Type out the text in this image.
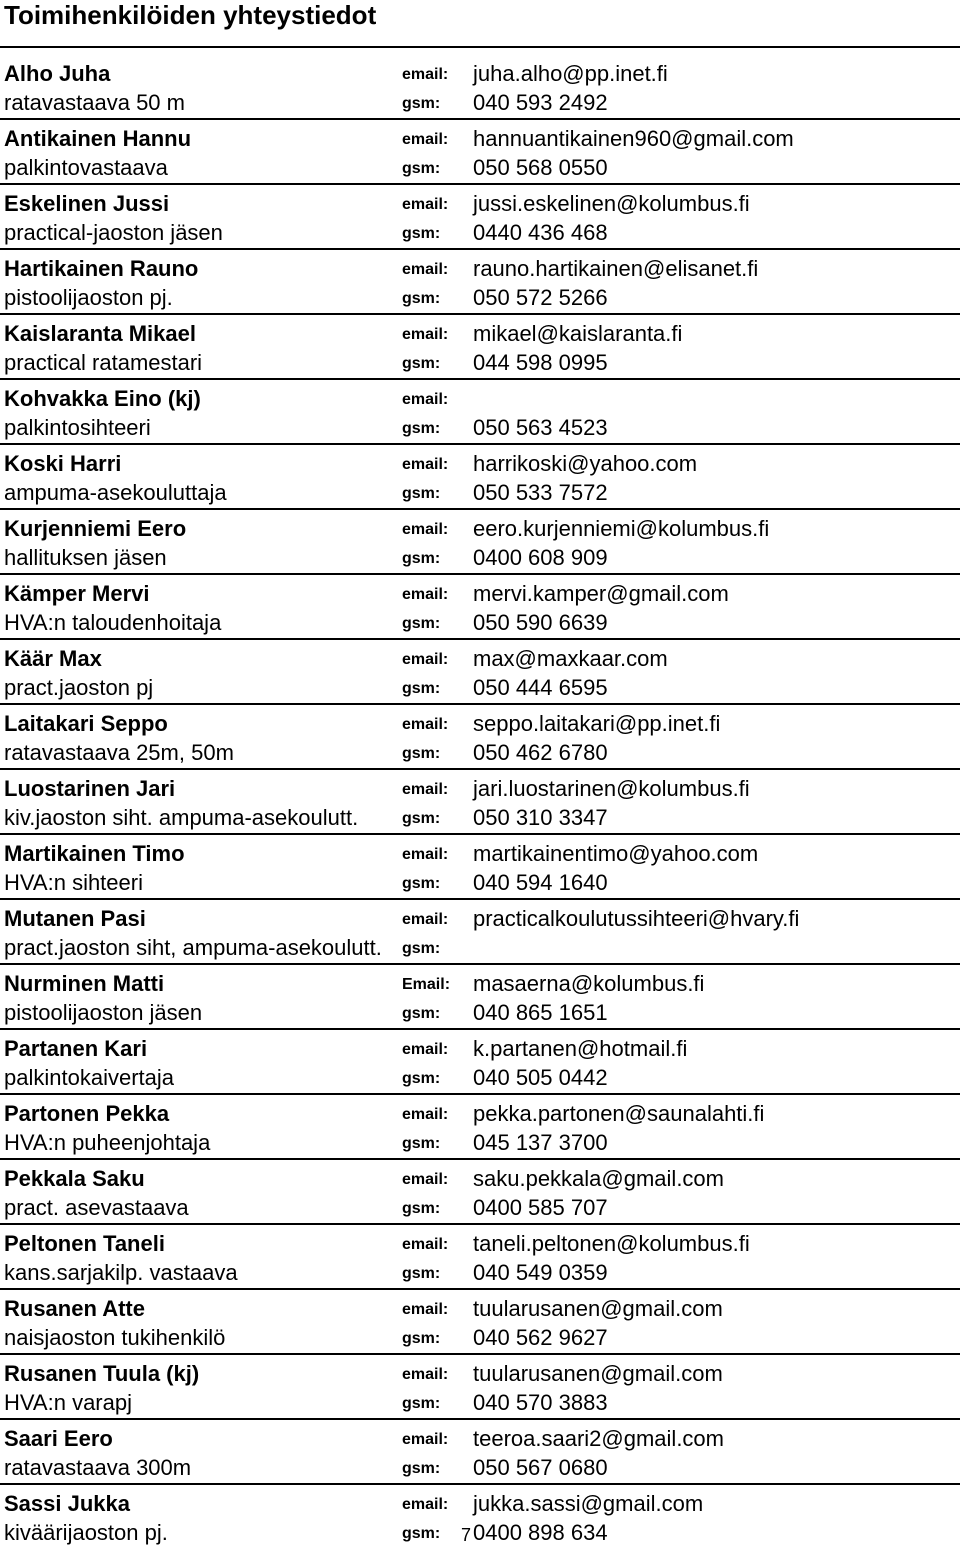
Toimihenkilöiden yhteystiedot
Alho Juha	email: juha.alho@pp.inet.fi
ratavastaava 50 m	gsm: 040 593 2492
Antikainen Hannu	email: hannuantikainen960@gmail.com
palkintovastaava	gsm: 050 568 0550
Eskelinen Jussi	email: jussi.eskelinen@kolumbus.fi
practical-jaoston jäsen	gsm: 0440 436 468
Hartikainen Rauno	email: rauno.hartikainen@elisanet.fi
pistoolijaoston pj.	gsm: 050 572 5266
Kaislaranta Mikael	email: mikael@kaislaranta.fi
practical ratamestari	gsm: 044 598 0995
Kohvakka Eino (kj)	email:
palkintosihteeri	gsm: 050 563 4523
Koski Harri	email: harrikoski@yahoo.com
ampuma-asekouluttaja	gsm: 050 533 7572
Kurjenniemi Eero	email: eero.kurjenniemi@kolumbus.fi
hallituksen jäsen	gsm: 0400 608 909
Kämper Mervi	email: mervi.kamper@gmail.com
HVA:n taloudenhoitaja	gsm: 050 590 6639
Käär Max	email: max@maxkaar.com
pract.jaoston pj	gsm: 050 444 6595
Laitakari Seppo	email: seppo.laitakari@pp.inet.fi
ratavastaava 25m, 50m	gsm: 050 462 6780
Luostarinen Jari	email: jari.luostarinen@kolumbus.fi
kiv.jaoston siht. ampuma-asekoulutt.	gsm: 050 310 3347
Martikainen Timo	email: martikainentimo@yahoo.com
HVA:n sihteeri	gsm: 040 594 1640
Mutanen Pasi	email: practicalkoulutussihteeri@hvary.fi
pract.jaoston siht, ampuma-asekoulutt. gsm:
Nurminen Matti	Email: masaerna@kolumbus.fi
pistoolijaoston jäsen	gsm: 040 865 1651
Partanen Kari	email: k.partanen@hotmail.fi
palkintokaivertaja	gsm: 040 505 0442
Partonen Pekka	email: pekka.partonen@saunalahti.fi
HVA:n puheenjohtaja	gsm: 045 137 3700
Pekkala Saku	email: saku.pekkala@gmail.com
pract. asevastaava	gsm: 0400 585 707
Peltonen Taneli	email: taneli.peltonen@kolumbus.fi
kans.sarjakilp. vastaava	gsm: 040 549 0359
Rusanen Atte	email: tuularusanen@gmail.com
naisjaoston tukihenkilö	gsm: 040 562 9627
Rusanen Tuula (kj)	email: tuularusanen@gmail.com
HVA:n varapj	gsm: 040 570 3883
Saari Eero	email: teeroa.saari2@gmail.com
ratavastaava 300m	gsm: 050 567 0680
Sassi Jukka	email: jukka.sassi@gmail.com
kiväärijaoston pj.	gsm: 0400 898 634
7
